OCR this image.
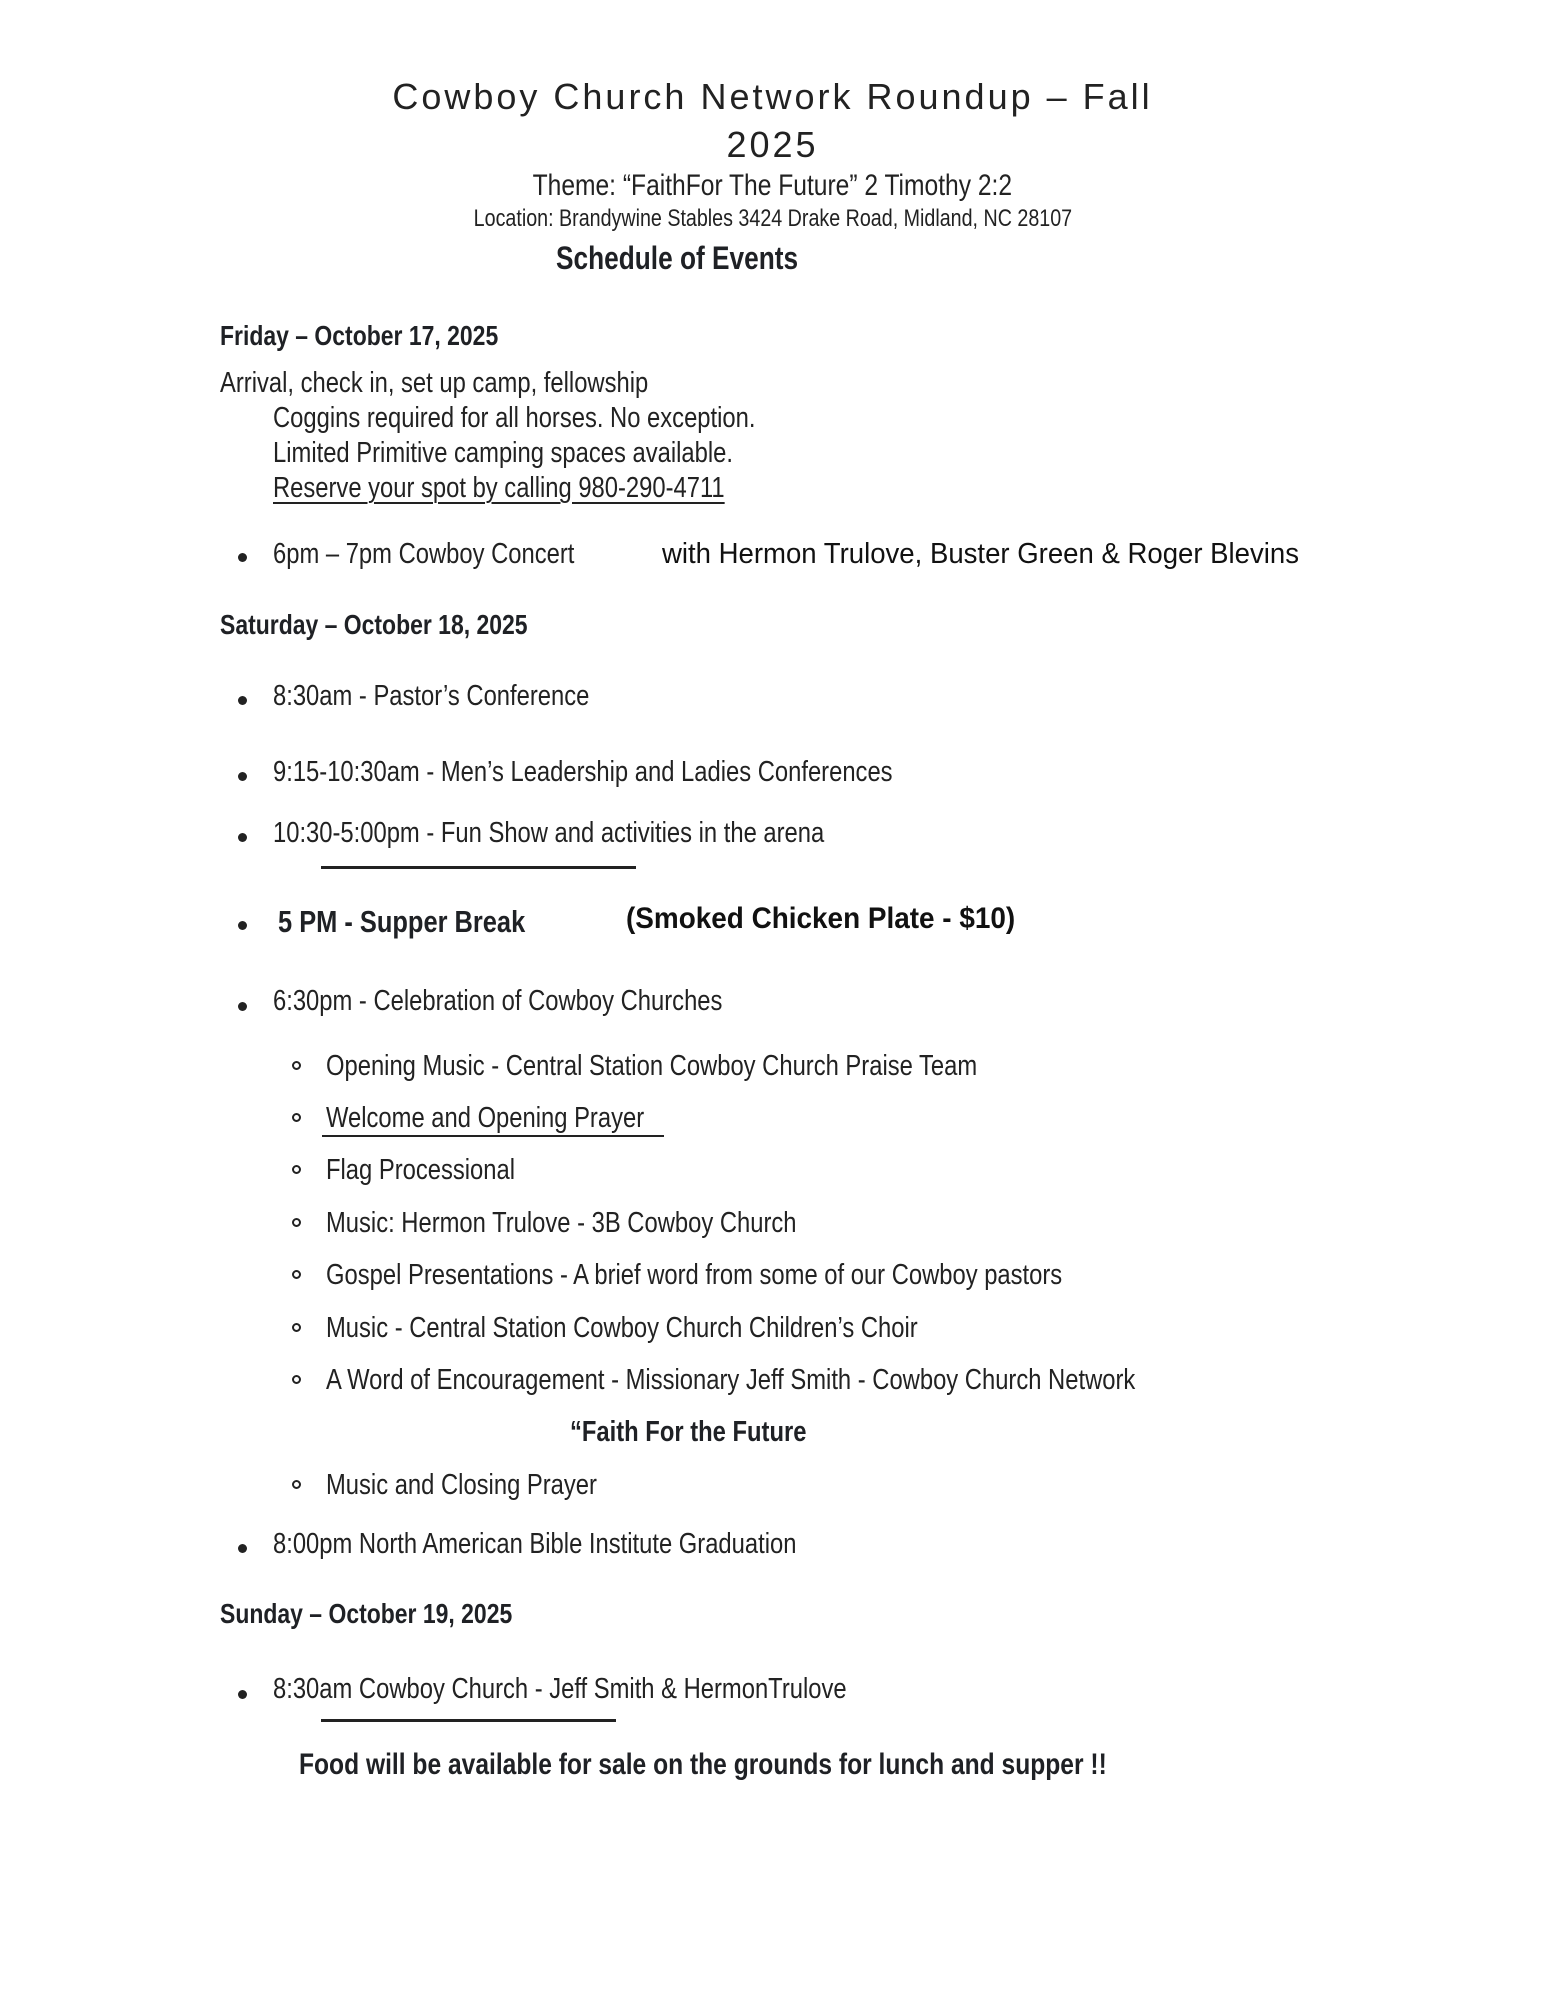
Cowboy Church Network Roundup – Fall
2025
Theme: “FaithFor The Future” 2 Timothy 2:2
Location: Brandywine Stables 3424 Drake Road, Midland, NC 28107
Schedule of Events
Friday – October 17, 2025
Arrival, check in, set up camp, fellowship
Coggins required for all horses. No exception.
Limited Primitive camping spaces available.
Reserve your spot by calling 980-290-4711
6pm – 7pm Cowboy Concert	with Hermon Trulove, Buster Green & Roger Blevins
Saturday – October 18, 2025
8:30am - Pastor’s Conference
9:15-10:30am - Men’s Leadership and Ladies Conferences
10:30-5:00pm - Fun Show and activities in the arena
5 PM - Supper Break	(Smoked Chicken Plate - $10)
6:30pm - Celebration of Cowboy Churches
Opening Music - Central Station Cowboy Church Praise Team
Welcome and Opening Prayer
Flag Processional
Music: Hermon Trulove - 3B Cowboy Church
Gospel Presentations - A brief word from some of our Cowboy pastors
Music - Central Station Cowboy Church Children’s Choir
A Word of Encouragement - Missionary Jeff Smith - Cowboy Church Network
“Faith For the Future
Music and Closing Prayer
8:00pm North American Bible Institute Graduation
Sunday – October 19, 2025
8:30am Cowboy Church - Jeff Smith & HermonTrulove
Food will be available for sale on the grounds for lunch and supper !!
